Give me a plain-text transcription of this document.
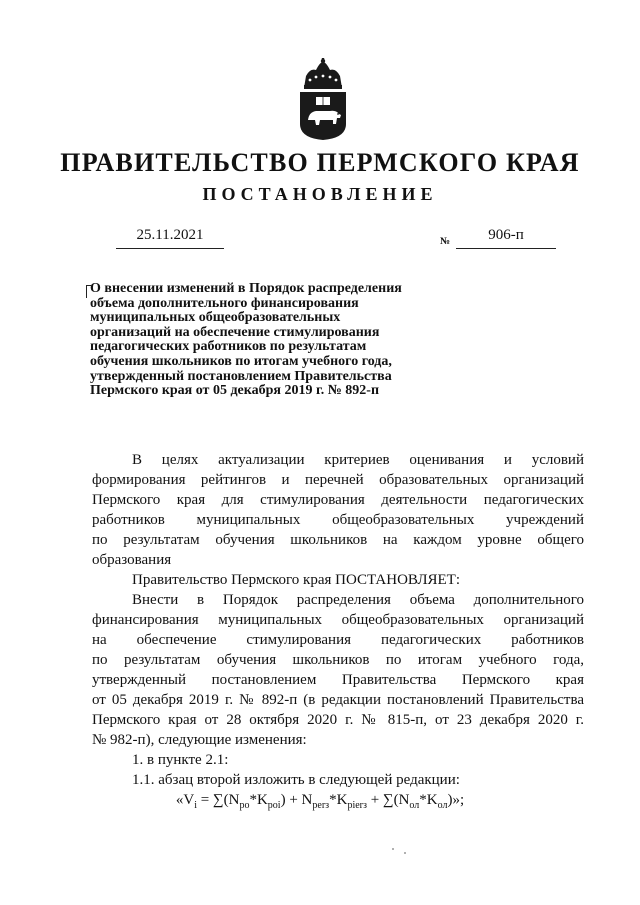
ПРАВИТЕЛЬСТВО ПЕРМСКОГО КРАЯ
ПОСТАНОВЛЕНИЕ
25.11.2021	№	906-п
О внесении изменений в Порядок распределения
объема дополнительного финансирования
муниципальных общеобразовательных
организаций на обеспечение стимулирования
педагогических работников по результатам
обучения школьников по итогам учебного года,
утвержденный постановлением Правительства
Пермского края от 05 декабря 2019 г. № 892-п
В целях актуализации критериев оценивания и условий
формирования рейтингов и перечней образовательных организаций
Пермского края для стимулирования деятельности педагогических
работников муниципальных общеобразовательных учреждений
по результатам обучения школьников на каждом уровне общего
образования
Правительство Пермского края ПОСТАНОВЛЯЕТ:
Внести в Порядок распределения объема дополнительного
финансирования муниципальных общеобразовательных организаций
на обеспечение стимулирования педагогических работников
по результатам обучения школьников по итогам учебного года,
утвержденный постановлением Правительства Пермского края
от 05 декабря 2019 г. № 892-п (в редакции постановлений Правительства
Пермского края от 28 октября 2020 г. № 815-п, от 23 декабря 2020 г.
№ 982-п), следующие изменения:
1. в пункте 2.1:
1.1. абзац второй изложить в следующей редакции:
«$V_i = \sum(N_{po}*K_{poi}) + N_{perз}*K_{pierз} + \sum(N_{ол}*K_{ол})$»;
